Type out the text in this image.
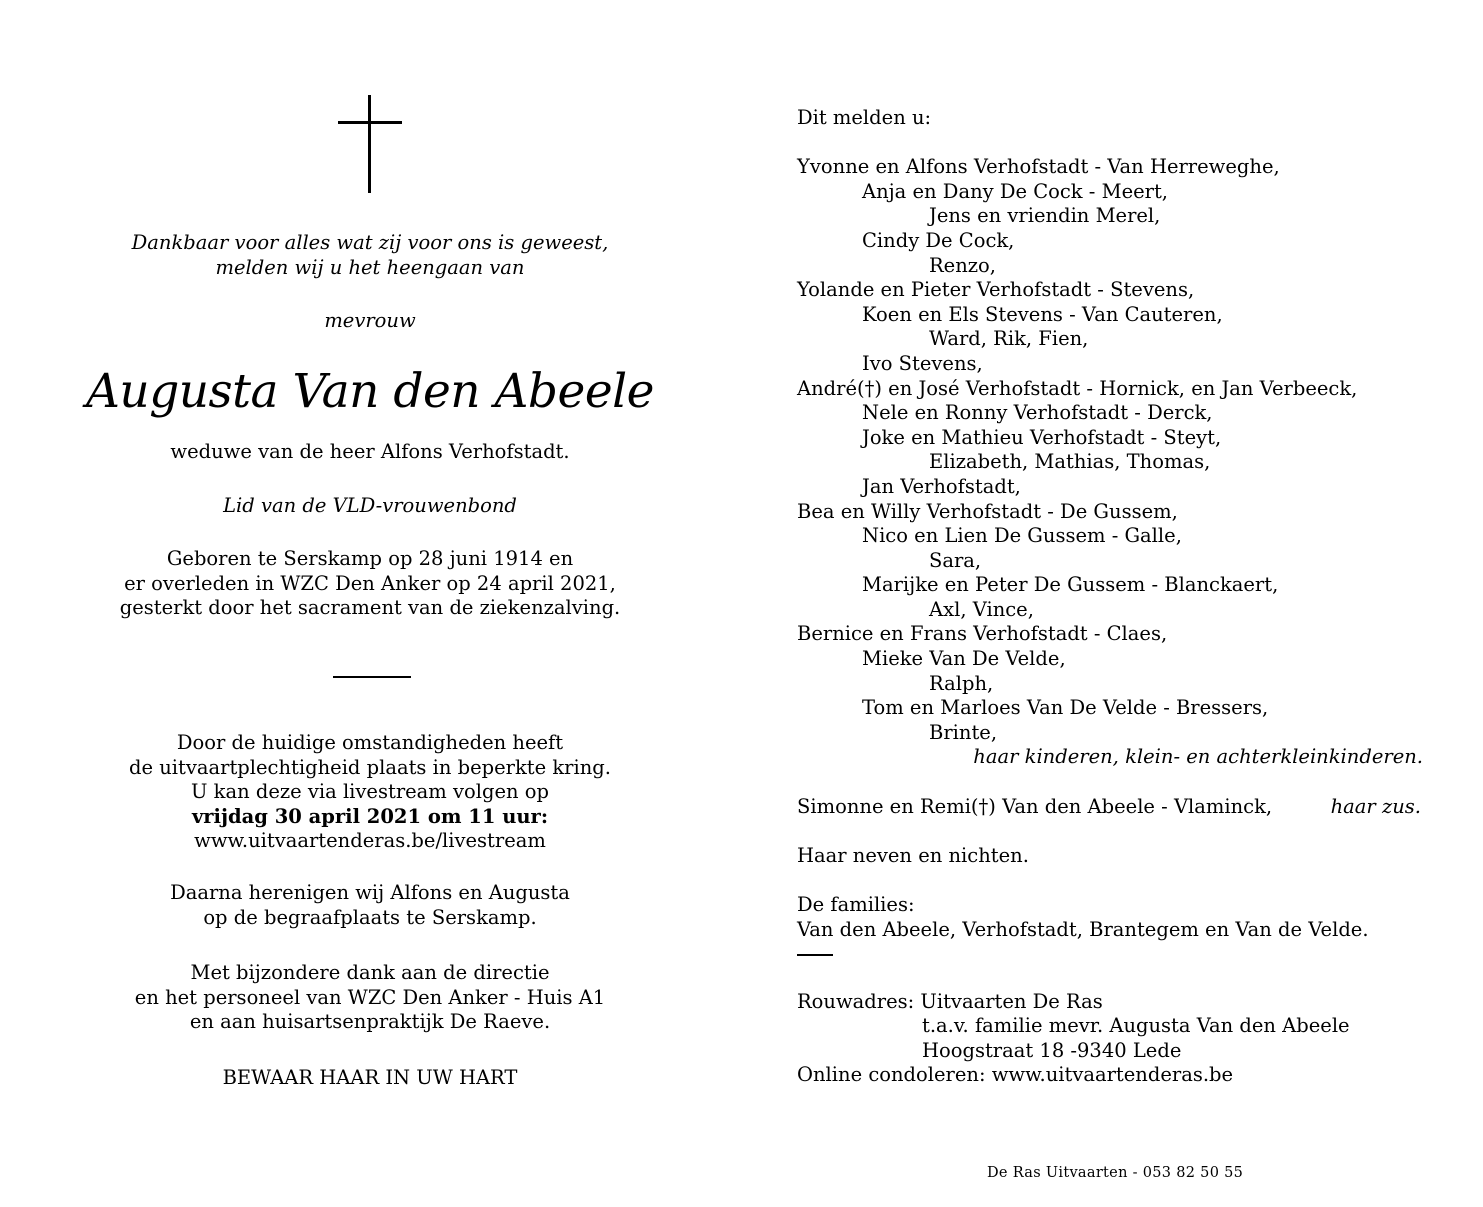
Dankbaar voor alles wat zij voor ons is geweest,
melden wij u het heengaan van
mevrouw
Augusta Van den Abeele
weduwe van de heer Alfons Verhofstadt.
Lid van de VLD-vrouwenbond
Geboren te Serskamp op 28 juni 1914 en
er overleden in WZC Den Anker op 24 april 2021,
gesterkt door het sacrament van de ziekenzalving.
Door de huidige omstandigheden heeft
de uitvaartplechtigheid plaats in beperkte kring.
U kan deze via livestream volgen op
vrijdag 30 april 2021 om 11 uur:
www.uitvaartenderas.be/livestream
Daarna herenigen wij Alfons en Augusta
op de begraafplaats te Serskamp.
Met bijzondere dank aan de directie
en het personeel van WZC Den Anker - Huis A1
en aan huisartsenpraktijk De Raeve.
BEWAAR HAAR IN UW HART
Dit melden u:
Yvonne en Alfons Verhofstadt - Van Herreweghe,
Anja en Dany De Cock - Meert,
Jens en vriendin Merel,
Cindy De Cock,
Renzo,
Yolande en Pieter Verhofstadt - Stevens,
Koen en Els Stevens - Van Cauteren,
Ward, Rik, Fien,
Ivo Stevens,
André(†) en José Verhofstadt - Hornick, en Jan Verbeeck,
Nele en Ronny Verhofstadt - Derck,
Joke en Mathieu Verhofstadt - Steyt,
Elizabeth, Mathias, Thomas,
Jan Verhofstadt,
Bea en Willy Verhofstadt - De Gussem,
Nico en Lien De Gussem - Galle,
Sara,
Marijke en Peter De Gussem - Blanckaert,
Axl, Vince,
Bernice en Frans Verhofstadt - Claes,
Mieke Van De Velde,
Ralph,
Tom en Marloes Van De Velde - Bressers,
Brinte,
haar kinderen, klein- en achterkleinkinderen.
Simonne en Remi(†) Van den Abeele - Vlaminck,	haar zus.
Haar neven en nichten.
De families:
Van den Abeele, Verhofstadt, Brantegem en Van de Velde.
Rouwadres: Uitvaarten De Ras
t.a.v. familie mevr. Augusta Van den Abeele
Hoogstraat 18 -9340 Lede
Online condoleren: www.uitvaartenderas.be
De Ras Uitvaarten - 053 82 50 55
